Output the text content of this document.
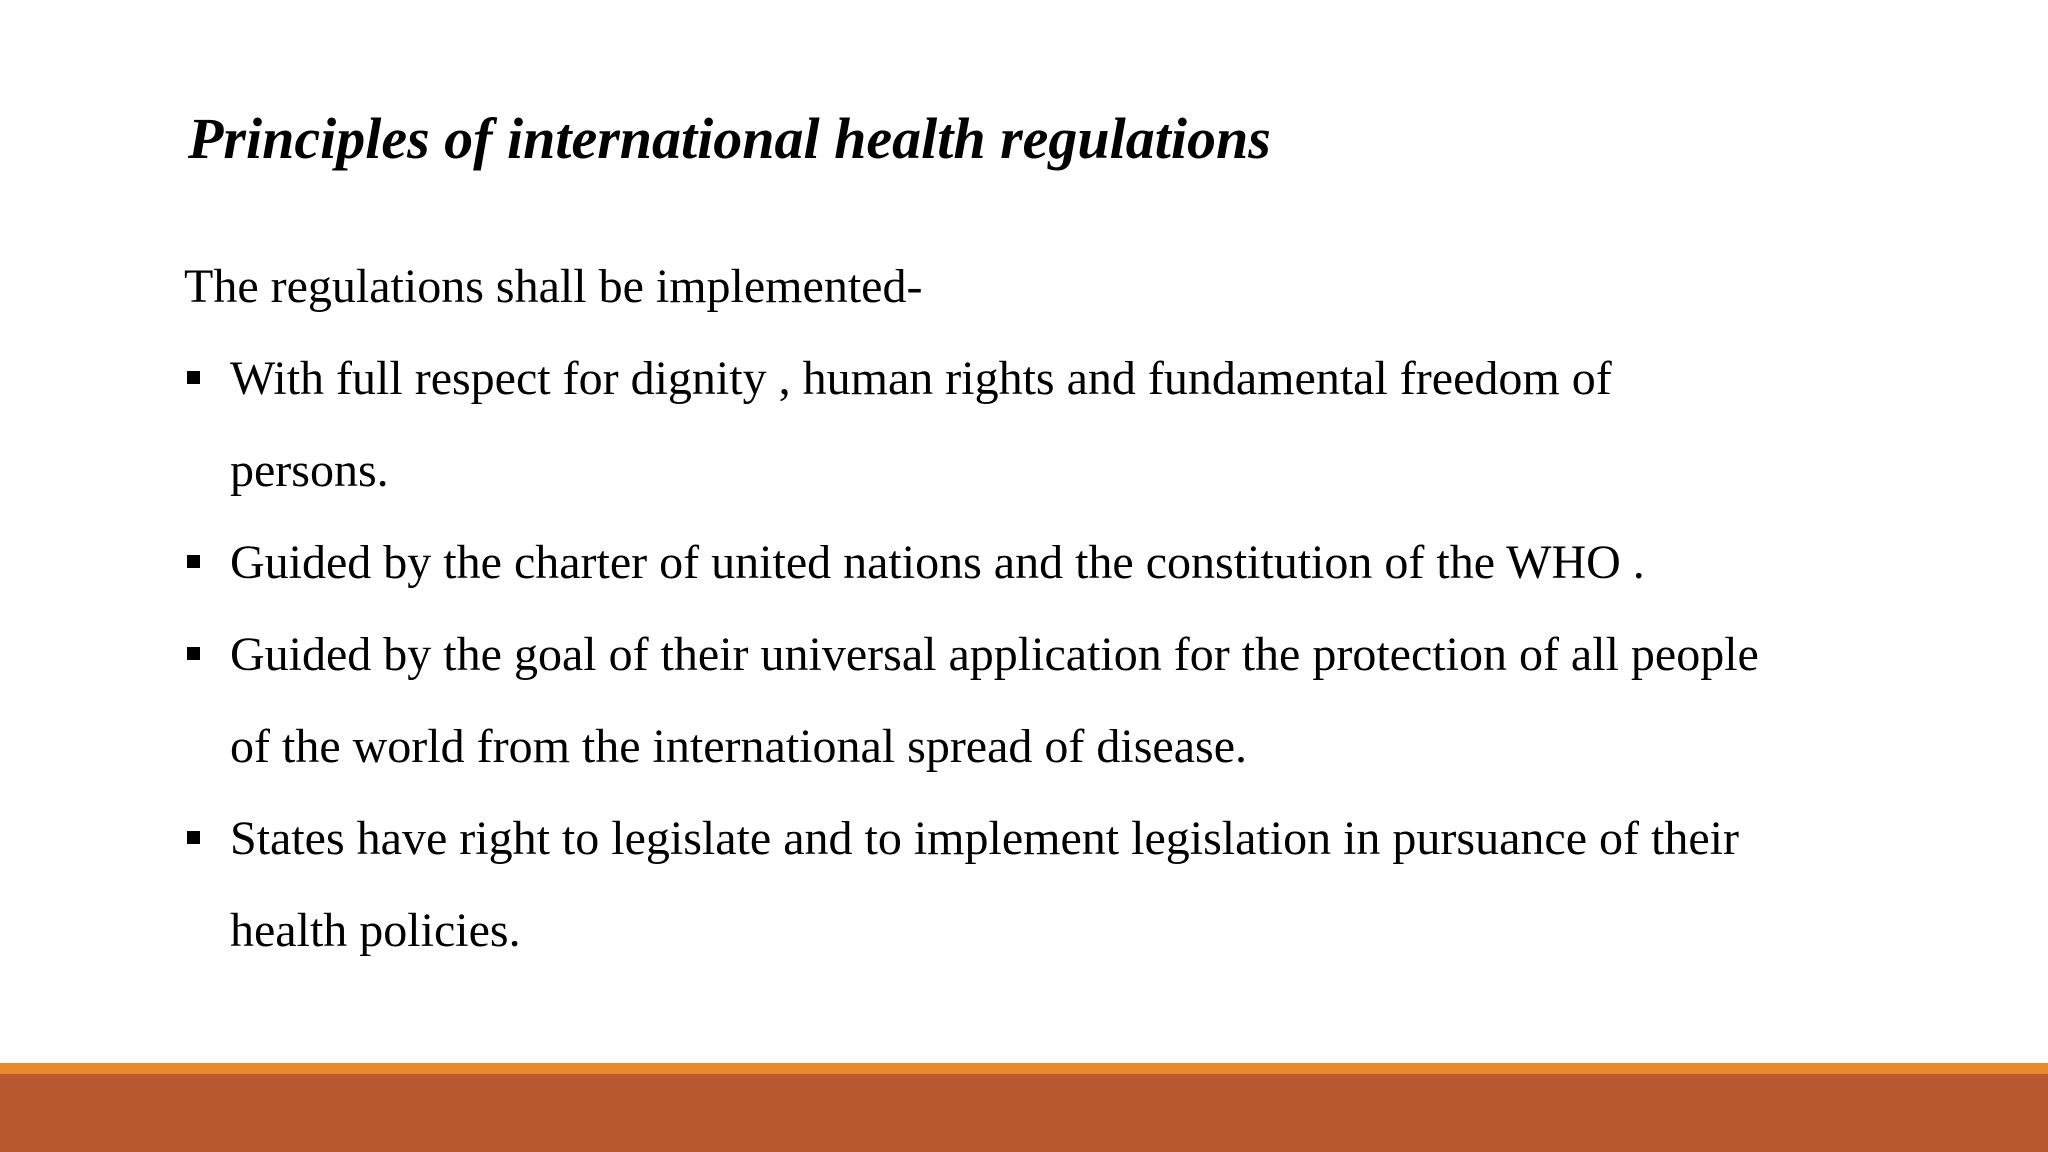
Principles of international health regulations

The regulations shall be implemented-

With full respect for dignity , human rights and fundamental freedom of persons.
Guided by the charter of united nations and the constitution of the WHO .
Guided by the goal of their universal application for the protection of all people of the world from the international spread of disease.
States have right to legislate and to implement legislation in pursuance of their health policies.
